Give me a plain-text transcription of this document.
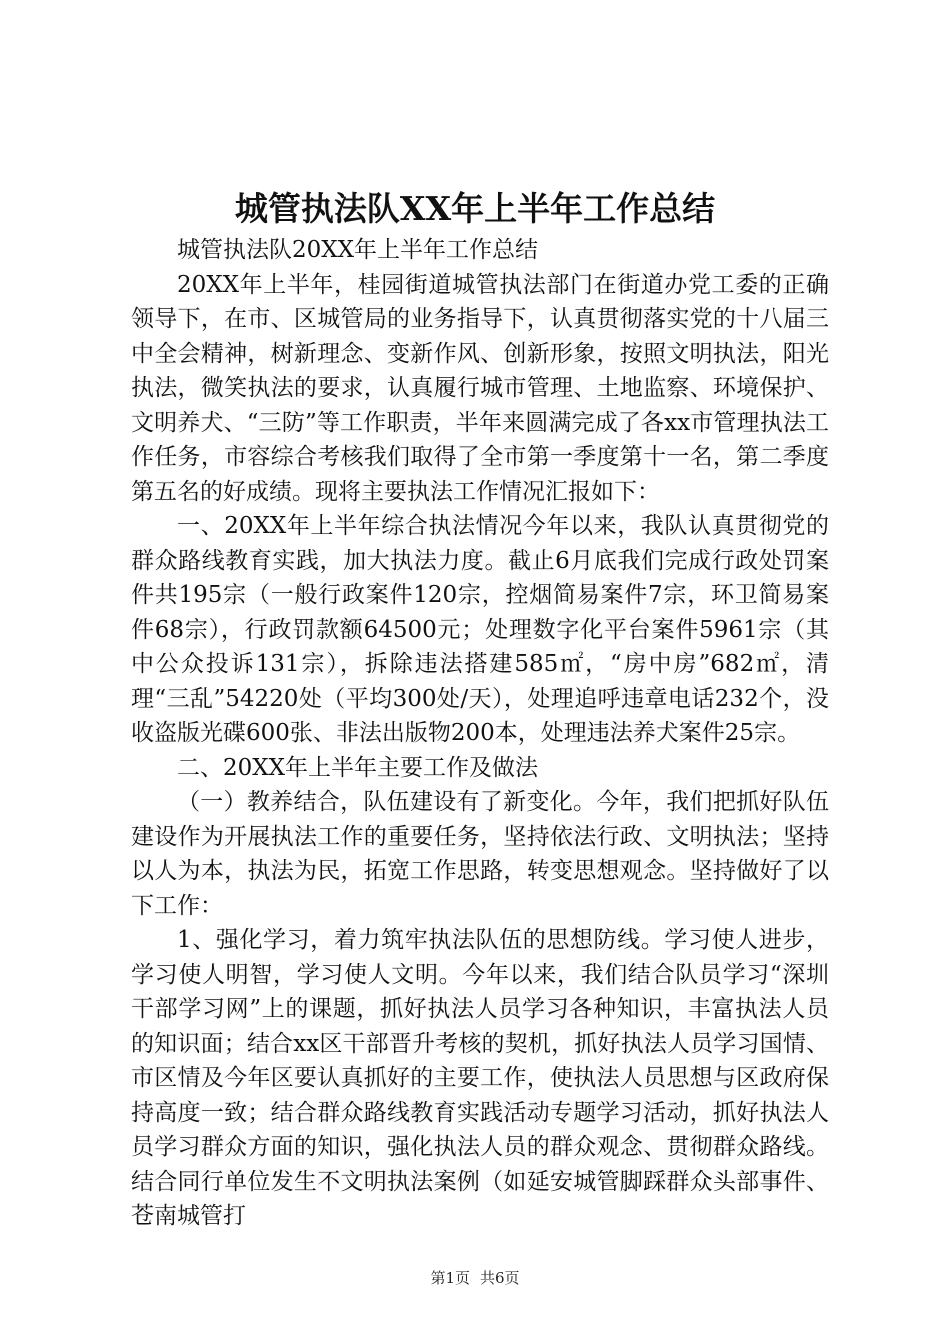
城管执法队XX年上半年工作总结

城管执法队20XX年上半年工作总结

20XX年上半年，桂园街道城管执法部门在街道办党工委的正确领导下，在市、区城管局的业务指导下，认真贯彻落实党的十八届三中全会精神，树新理念、变新作风、创新形象，按照文明执法，阳光执法，微笑执法的要求，认真履行城市管理、土地监察、环境保护、文明养犬、“三防”等工作职责，半年来圆满完成了各xx市管理执法工作任务，市容综合考核我们取得了全市第一季度第十一名，第二季度第五名的好成绩。现将主要执法工作情况汇报如下：

一、20XX年上半年综合执法情况今年以来，我队认真贯彻党的群众路线教育实践，加大执法力度。截止6月底我们完成行政处罚案件共195宗（一般行政案件120宗，控烟简易案件7宗，环卫简易案件68宗），行政罚款额64500元；处理数字化平台案件5961宗（其中公众投诉131宗），拆除违法搭建585㎡，“房中房”682㎡，清理“三乱”54220处（平均300处/天），处理追呼违章电话232个，没收盗版光碟600张、非法出版物200本，处理违法养犬案件25宗。

二、20XX年上半年主要工作及做法

（一）教养结合，队伍建设有了新变化。今年，我们把抓好队伍建设作为开展执法工作的重要任务，坚持依法行政、文明执法；坚持以人为本，执法为民，拓宽工作思路，转变思想观念。坚持做好了以下工作：

1、强化学习，着力筑牢执法队伍的思想防线。学习使人进步，学习使人明智，学习使人文明。今年以来，我们结合队员学习“深圳干部学习网”上的课题，抓好执法人员学习各种知识，丰富执法人员的知识面；结合xx区干部晋升考核的契机，抓好执法人员学习国情、市区情及今年区要认真抓好的主要工作，使执法人员思想与区政府保持高度一致；结合群众路线教育实践活动专题学习活动，抓好执法人员学习群众方面的知识，强化执法人员的群众观念、贯彻群众路线。结合同行单位发生不文明执法案例（如延安城管脚踩群众头部事件、苍南城管打

第1页 共6页
